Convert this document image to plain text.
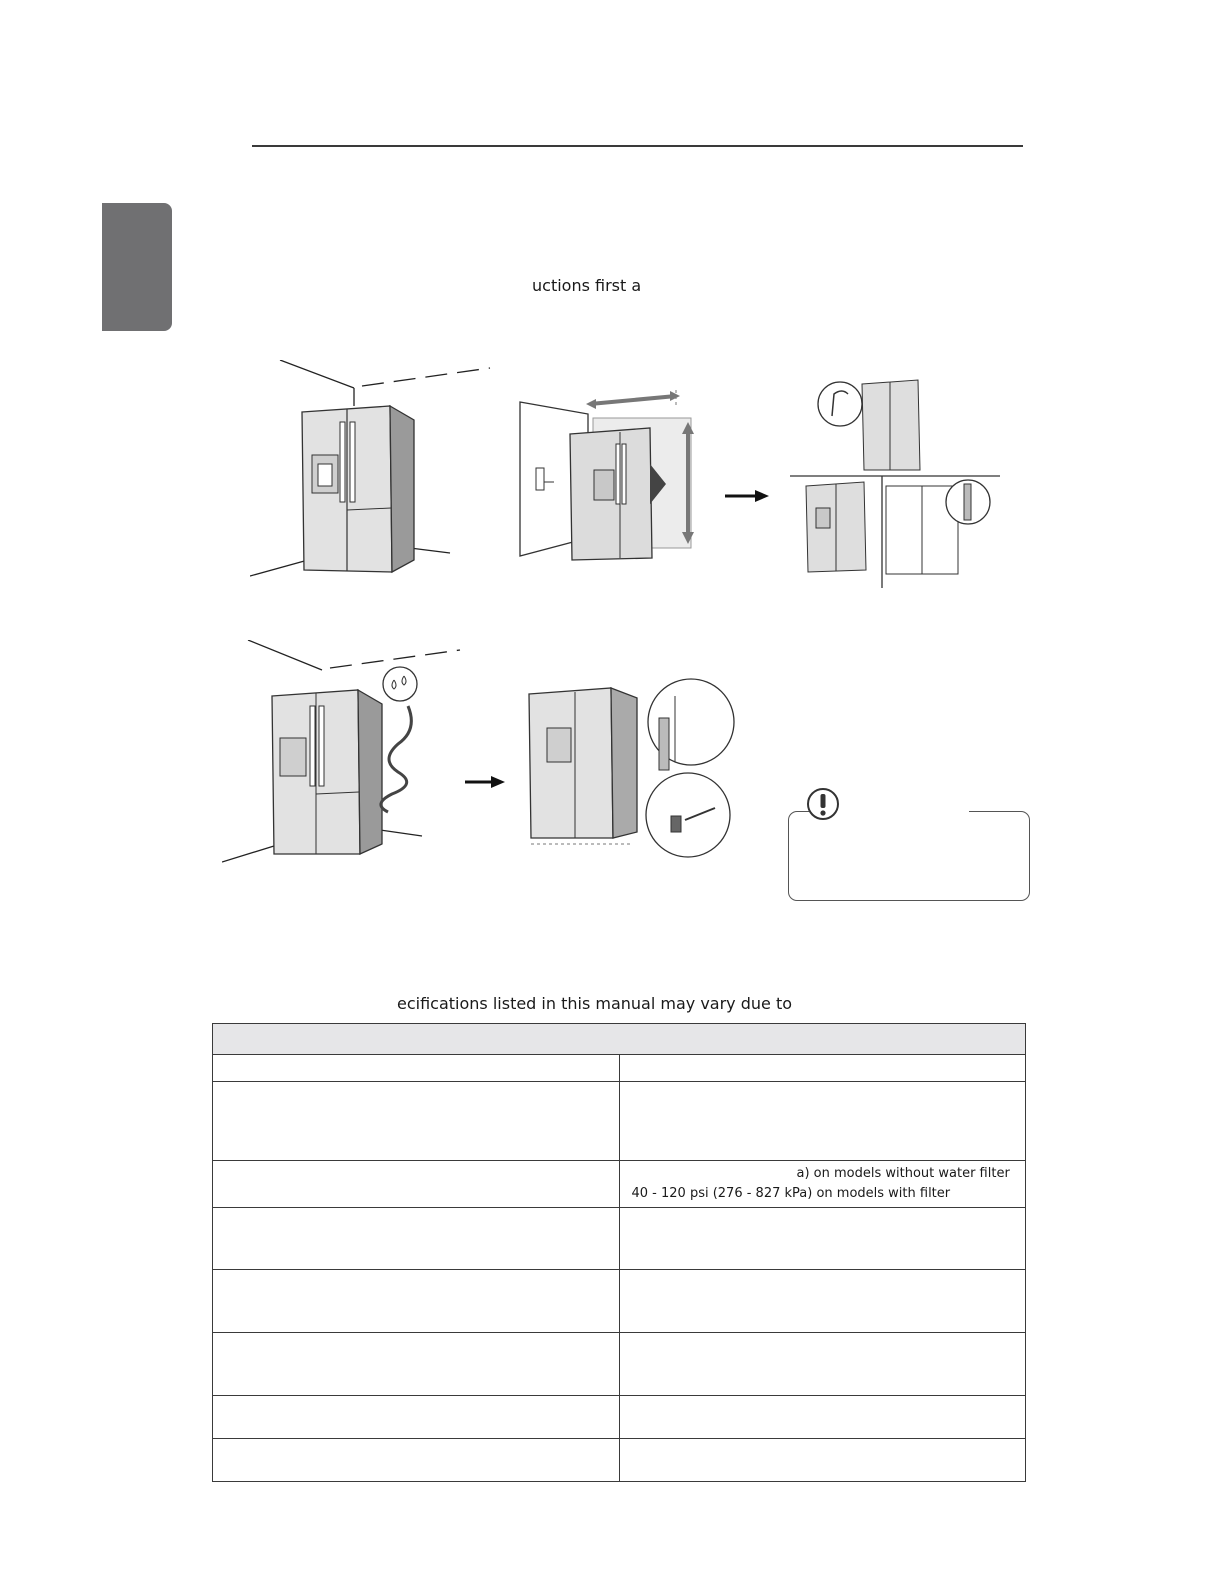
uctions first a
ecifications listed in this manual may vary due to

	a) on models without water filter
40 - 120 psi (276 - 827 kPa) on models with filter
